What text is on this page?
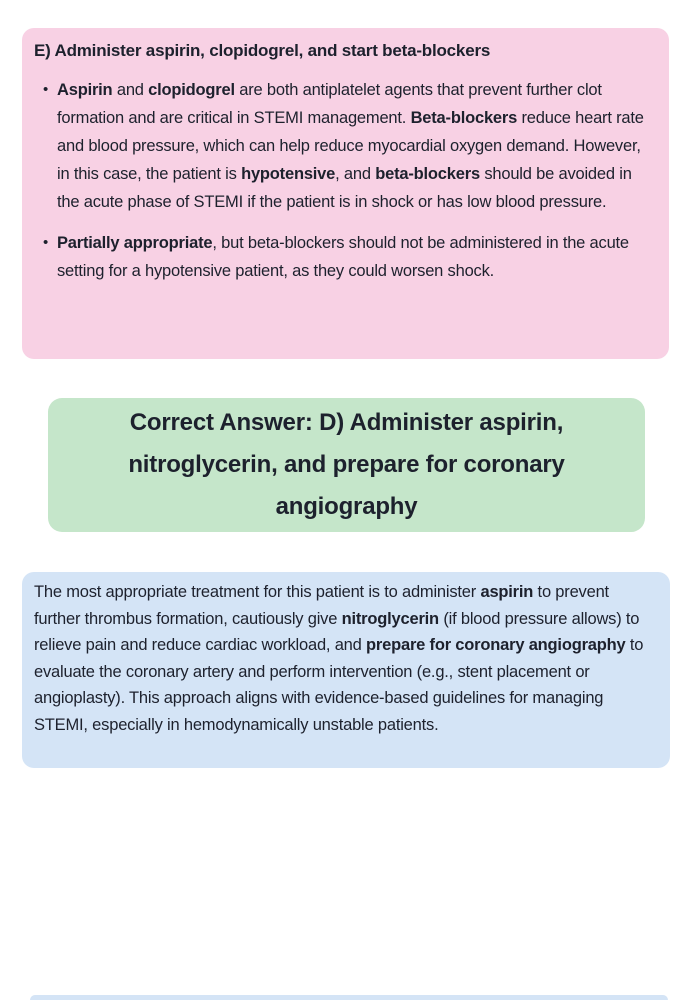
E) Administer aspirin, clopidogrel, and start beta-blockers
• Aspirin and clopidogrel are both antiplatelet agents that prevent further clot formation and are critical in STEMI management. Beta-blockers reduce heart rate and blood pressure, which can help reduce myocardial oxygen demand. However, in this case, the patient is hypotensive, and beta-blockers should be avoided in the acute phase of STEMI if the patient is in shock or has low blood pressure.
• Partially appropriate, but beta-blockers should not be administered in the acute setting for a hypotensive patient, as they could worsen shock.
Correct Answer: D) Administer aspirin, nitroglycerin, and prepare for coronary angiography
The most appropriate treatment for this patient is to administer aspirin to prevent further thrombus formation, cautiously give nitroglycerin (if blood pressure allows) to relieve pain and reduce cardiac workload, and prepare for coronary angiography to evaluate the coronary artery and perform intervention (e.g., stent placement or angioplasty). This approach aligns with evidence-based guidelines for managing STEMI, especially in hemodynamically unstable patients.
